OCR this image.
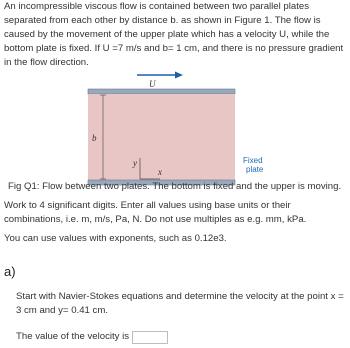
An incompressible viscous flow is contained between two parallel plates separated from each other by distance b. as shown in Figure 1. The flow is caused by the movement of the upper plate which has a velocity U, while the bottom plate is fixed. If U =7 m/s and b= 1 cm, and there is no pressure gradient in the flow direction.

U
b
y
x
Fixed
plate

Fig Q1: Flow between two plates. The bottom is fixed and the upper is moving.

Work to 4 significant digits. Enter all values using base units or their combinations, i.e. m, m/s, Pa, N. Do not use multiples as e.g. mm, kPa.

You can use values with exponents, such as 0.12e3.

a)

Start with Navier-Stokes equations and determine the velocity at the point x = 3 cm and y= 0.41 cm.

The value of the velocity is
